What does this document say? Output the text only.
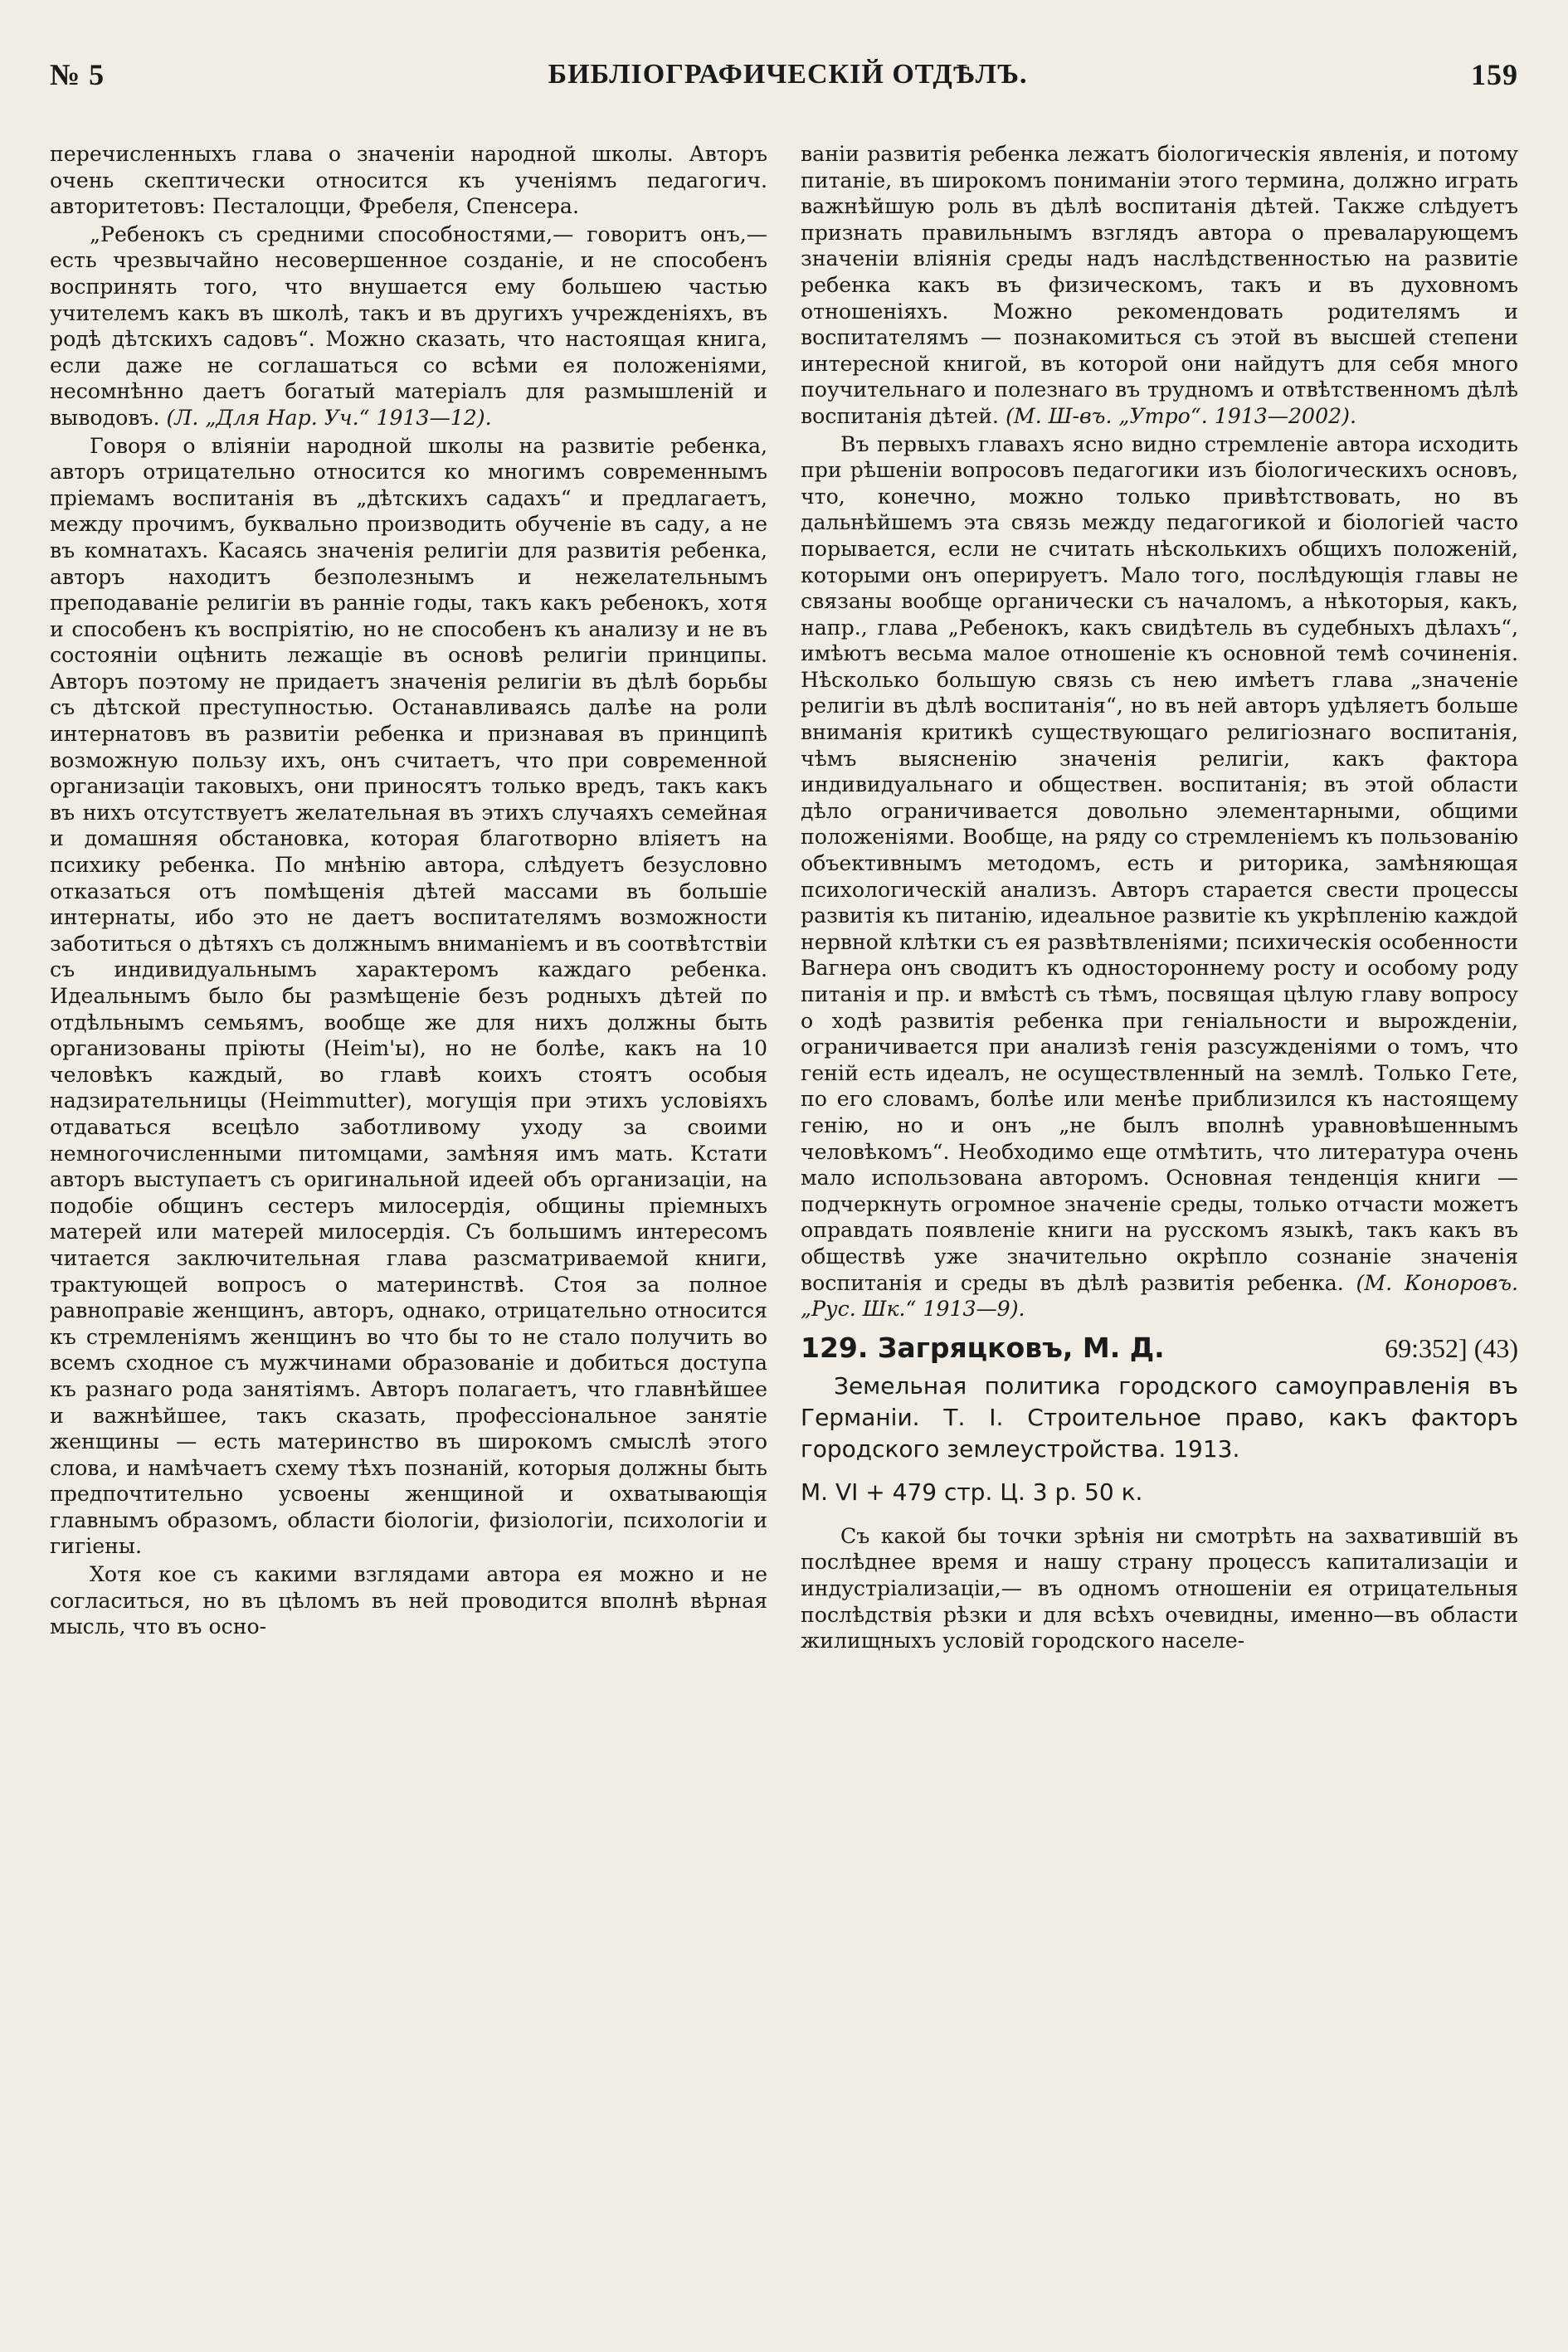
№ 5	БИБЛІОГРАФИЧЕСКІЙ ОТДѢЛЪ.	159

перечисленныхъ глава о значеніи народной школы. Авторъ очень скептически относится къ ученіямъ педагогич. авторитетовъ: Песталоцци, Фребеля, Спенсера.

„Ребенокъ съ средними способностями,— говоритъ онъ,—есть чрезвычайно несовершенное созданіе, и не способенъ воспринять того, что внушается ему большею частью учителемъ какъ въ школѣ, такъ и въ другихъ учрежденіяхъ, въ родѣ дѣтскихъ садовъ“. Можно сказать, что настоящая книга, если даже не соглашаться со всѣми ея положеніями, несомнѣнно даетъ богатый матеріалъ для размышленій и выводовъ. (Л. „Для Нар. Уч.“ 1913—12).

Говоря о вліяніи народной школы на развитіе ребенка, авторъ отрицательно относится ко многимъ современнымъ пріемамъ воспитанія въ „дѣтскихъ садахъ“ и предлагаетъ, между прочимъ, буквально производить обученіе въ саду, а не въ комнатахъ. Касаясь значенія религіи для развитія ребенка, авторъ находитъ безполезнымъ и нежелательнымъ преподаваніе религіи въ раннie годы, такъ какъ ребенокъ, хотя и способенъ къ воспріятію, но не способенъ къ анализу и не въ состояніи оцѣнить лежащіе въ основѣ религіи принципы. Авторъ поэтому не придаетъ значенія религіи въ дѣлѣ борьбы съ дѣтской преступностью. Останавливаясь далѣе на роли интернатовъ въ развитіи ребенка и признавая въ принципѣ возможную пользу ихъ, онъ считаетъ, что при современной организаціи таковыхъ, они приносятъ только вредъ, такъ какъ въ нихъ отсутствуетъ желательная въ этихъ случаяхъ семейная и домашняя обстановка, которая благотворно вліяетъ на психику ребенка. По мнѣнію автора, слѣдуетъ безусловно отказаться отъ помѣщенія дѣтей массами въ большіе интернаты, ибо это не даетъ воспитателямъ возможности заботиться о дѣтяхъ съ должнымъ вниманіемъ и въ соотвѣтствіи съ индивидуальнымъ характеромъ каждаго ребенка. Идеальнымъ было бы размѣщеніе безъ родныхъ дѣтей по отдѣльнымъ семьямъ, вообще же для нихъ должны быть организованы пріюты (Heim'ы), но не болѣе, какъ на 10 человѣкъ каждый, во главѣ коихъ стоятъ особыя надзирательницы (Heimmutter), могущія при этихъ условіяхъ отдаваться всецѣло заботливому уходу за своими немногочисленными питомцами, замѣняя имъ мать. Кстати авторъ выступаетъ съ оригинальной идеей объ организаціи, на подобіе общинъ сестеръ милосердія, общины пріемныхъ матерей или матерей милосердія. Съ большимъ интересомъ читается заключительная глава разсматриваемой книги, трактующей вопросъ о материнствѣ. Стоя за полное равноправіе женщинъ, авторъ, однако, отрицательно относится къ стремленіямъ женщинъ во что бы то не стало получить во всемъ сходное съ мужчинами образованіе и добиться доступа къ разнаго рода занятіямъ. Авторъ полагаетъ, что главнѣйшее и важнѣйшее, такъ сказать, профессіональное занятіе женщины — есть материнство въ широкомъ смыслѣ этого слова, и намѣчаетъ схему тѣхъ познаній, которыя должны быть предпочтительно усвоены женщиной и охватывающія главнымъ образомъ, области біологіи, физіологіи, психологіи и гигіены.

Хотя кое съ какими взглядами автора ея можно и не согласиться, но въ цѣломъ въ ней проводится вполнѣ вѣрная мысль, что въ осно-

ваніи развитія ребенка лежатъ біологическія явленія, и потому питаніе, въ широкомъ пониманіи этого термина, должно играть важнѣйшую роль въ дѣлѣ воспитанія дѣтей. Также слѣдуетъ признать правильнымъ взглядъ автора о преваларующемъ значеніи вліянія среды надъ наслѣдственностью на развитіе ребенка какъ въ физическомъ, такъ и въ духовномъ отношеніяхъ. Можно рекомендовать родителямъ и воспитателямъ — познакомиться съ этой въ высшей степени интересной книгой, въ которой они найдутъ для себя много поучительнаго и полезнаго въ трудномъ и отвѣтственномъ дѣлѣ воспитанія дѣтей. (М. Ш-въ. „Утро“. 1913—2002).

Въ первыхъ главахъ ясно видно стремленіе автора исходить при рѣшеніи вопросовъ педагогики изъ біологическихъ основъ, что, конечно, можно только привѣтствовать, но въ дальнѣйшемъ эта связь между педагогикой и біологіей часто порывается, если не считать нѣсколькихъ общихъ положеній, которыми онъ оперируетъ. Мало того, послѣдующія главы не связаны вообще органически съ началомъ, а нѣкоторыя, какъ, напр., глава „Ребенокъ, какъ свидѣтель въ судебныхъ дѣлахъ“, имѣютъ весьма малое отношеніе къ основной темѣ сочиненія. Нѣсколько большую связь съ нею имѣетъ глава „значеніе религіи въ дѣлѣ воспитанія“, но въ ней авторъ удѣляетъ больше вниманія критикѣ существующаго религіознаго воспитанія, чѣмъ выясненію значенія религіи, какъ фактора индивидуальнаго и обществен. воспитанія; въ этой области дѣло ограничивается довольно элементарными, общими положеніями. Вообще, на ряду со стремленіемъ къ пользованію объективнымъ методомъ, есть и риторика, замѣняющая психологическій анализъ. Авторъ старается свести процессы развитія къ питанію, идеальное развитіе къ укрѣпленію каждой нервной клѣтки съ ея развѣтвленіями; психическія особенности Вагнера онъ сводитъ къ одностороннему росту и особому роду питанія и пр. и вмѣстѣ съ тѣмъ, посвящая цѣлую главу вопросу о ходѣ развитія ребенка при геніальности и вырожденіи, ограничивается при анализѣ генія разсужденіями о томъ, что геній есть идеалъ, не осуществленный на землѣ. Только Гете, по его словамъ, болѣе или менѣе приблизился къ настоящему генію, но и онъ „не былъ вполнѣ уравновѣшеннымъ человѣкомъ“. Необходимо еще отмѣтить, что литература очень мало использована авторомъ. Основная тенденція книги — подчеркнуть огромное значеніе среды, только отчасти можетъ оправдать появленіе книги на русскомъ языкѣ, такъ какъ въ обществѣ уже значительно окрѣпло сознаніе значенія воспитанія и среды въ дѣлѣ развитія ребенка. (М. Коноровъ. „Рус. Шк.“ 1913—9).

129. Загряцковъ, М. Д.	69:352] (43)
Земельная политика городского самоуправленія въ Германіи. Т. I. Строительное право, какъ факторъ городского землеустройства. 1913.
М. VI + 479 стр. Ц. 3 р. 50 к.

Съ какой бы точки зрѣнія ни смотрѣть на захватившій въ послѣднее время и нашу страну процессъ капитализаціи и индустріализаціи,— въ одномъ отношеніи ея отрицательныя послѣдствія рѣзки и для всѣхъ очевидны, именно—въ области жилищныхъ условій городского населе-
